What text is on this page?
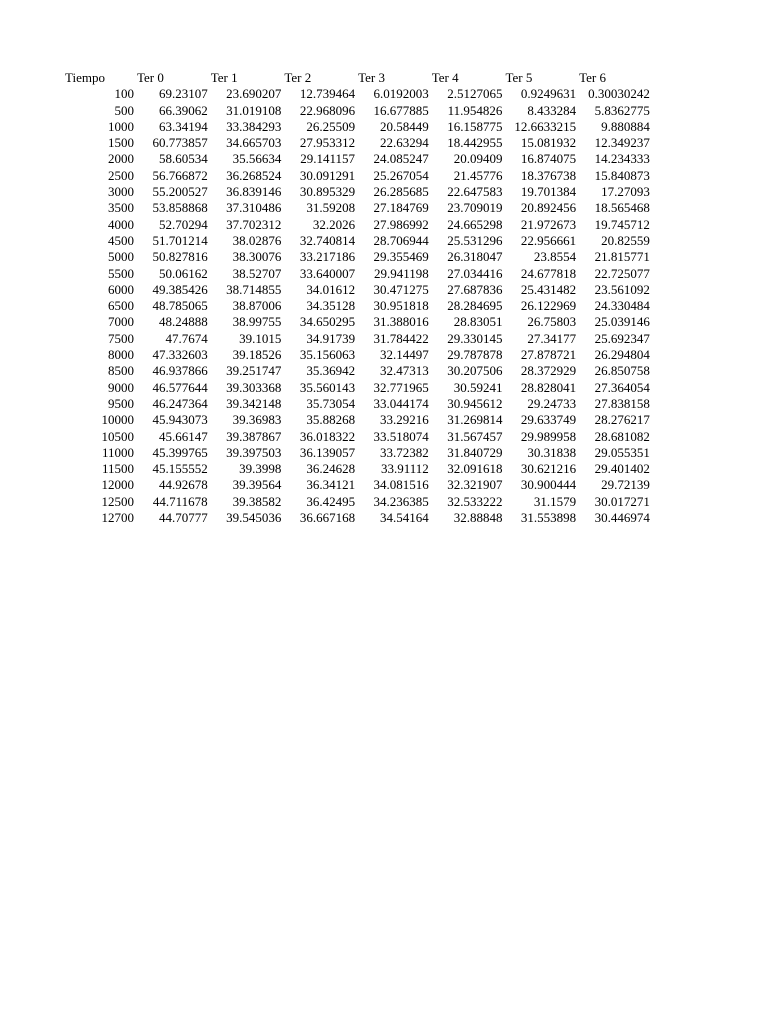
Tiempo	Ter 0	Ter 1	Ter 2	Ter 3	Ter 4	Ter 5	Ter 6
100	69.23107	23.690207	12.739464	6.0192003	2.5127065	0.9249631	0.30030242
500	66.39062	31.019108	22.968096	16.677885	11.954826	8.433284	5.8362775
1000	63.34194	33.384293	26.25509	20.58449	16.158775	12.6633215	9.880884
1500	60.773857	34.665703	27.953312	22.63294	18.442955	15.081932	12.349237
2000	58.60534	35.56634	29.141157	24.085247	20.09409	16.874075	14.234333
2500	56.766872	36.268524	30.091291	25.267054	21.45776	18.376738	15.840873
3000	55.200527	36.839146	30.895329	26.285685	22.647583	19.701384	17.27093
3500	53.858868	37.310486	31.59208	27.184769	23.709019	20.892456	18.565468
4000	52.70294	37.702312	32.2026	27.986992	24.665298	21.972673	19.745712
4500	51.701214	38.02876	32.740814	28.706944	25.531296	22.956661	20.82559
5000	50.827816	38.30076	33.217186	29.355469	26.318047	23.8554	21.815771
5500	50.06162	38.52707	33.640007	29.941198	27.034416	24.677818	22.725077
6000	49.385426	38.714855	34.01612	30.471275	27.687836	25.431482	23.561092
6500	48.785065	38.87006	34.35128	30.951818	28.284695	26.122969	24.330484
7000	48.24888	38.99755	34.650295	31.388016	28.83051	26.75803	25.039146
7500	47.7674	39.1015	34.91739	31.784422	29.330145	27.34177	25.692347
8000	47.332603	39.18526	35.156063	32.14497	29.787878	27.878721	26.294804
8500	46.937866	39.251747	35.36942	32.47313	30.207506	28.372929	26.850758
9000	46.577644	39.303368	35.560143	32.771965	30.59241	28.828041	27.364054
9500	46.247364	39.342148	35.73054	33.044174	30.945612	29.24733	27.838158
10000	45.943073	39.36983	35.88268	33.29216	31.269814	29.633749	28.276217
10500	45.66147	39.387867	36.018322	33.518074	31.567457	29.989958	28.681082
11000	45.399765	39.397503	36.139057	33.72382	31.840729	30.31838	29.055351
11500	45.155552	39.3998	36.24628	33.91112	32.091618	30.621216	29.401402
12000	44.92678	39.39564	36.34121	34.081516	32.321907	30.900444	29.72139
12500	44.711678	39.38582	36.42495	34.236385	32.533222	31.1579	30.017271
12700	44.70777	39.545036	36.667168	34.54164	32.88848	31.553898	30.446974
